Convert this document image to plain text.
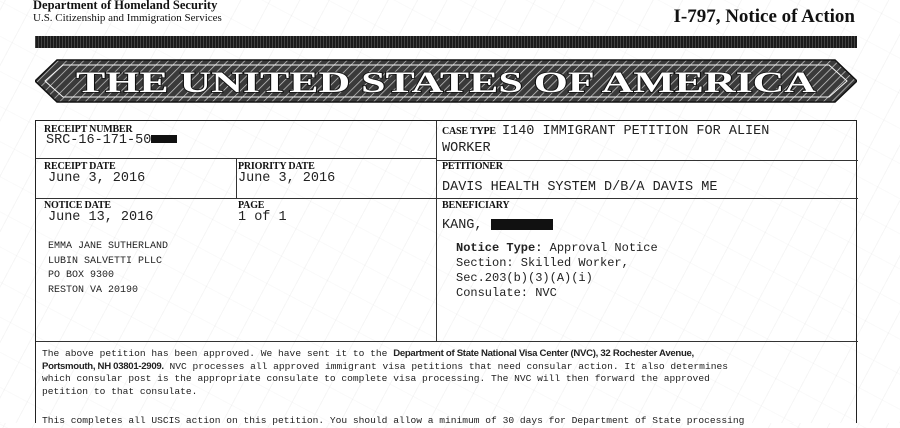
Department of Homeland Security
U.S. Citizenship and Immigration Services	I-797, Notice of Action
THE UNITED STATES OF AMERICA
RECEIPT NUMBER
SRC-16-171-50
CASE TYPE I140 IMMIGRANT PETITION FOR ALIEN
WORKER
RECEIPT DATE
June 3, 2016
PRIORITY DATE
June 3, 2016
PETITIONER
DAVIS HEALTH SYSTEM D/B/A DAVIS ME
NOTICE DATE
June 13, 2016
PAGE
1 of 1
BENEFICIARY
KANG,
EMMA JANE SUTHERLAND
LUBIN SALVETTI PLLC
PO BOX 9300
RESTON VA 20190
Notice Type: Approval Notice
Section: Skilled Worker,
Sec.203(b)(3)(A)(i)
Consulate: NVC
The above petition has been approved. We have sent it to the Department of State National Visa Center (NVC), 32 Rochester Avenue,
Portsmouth, NH 03801-2909. NVC processes all approved immigrant visa petitions that need consular action. It also determines
which consular post is the appropriate consulate to complete visa processing. The NVC will then forward the approved
petition to that consulate.
This completes all USCIS action on this petition. You should allow a minimum of 30 days for Department of State processing
